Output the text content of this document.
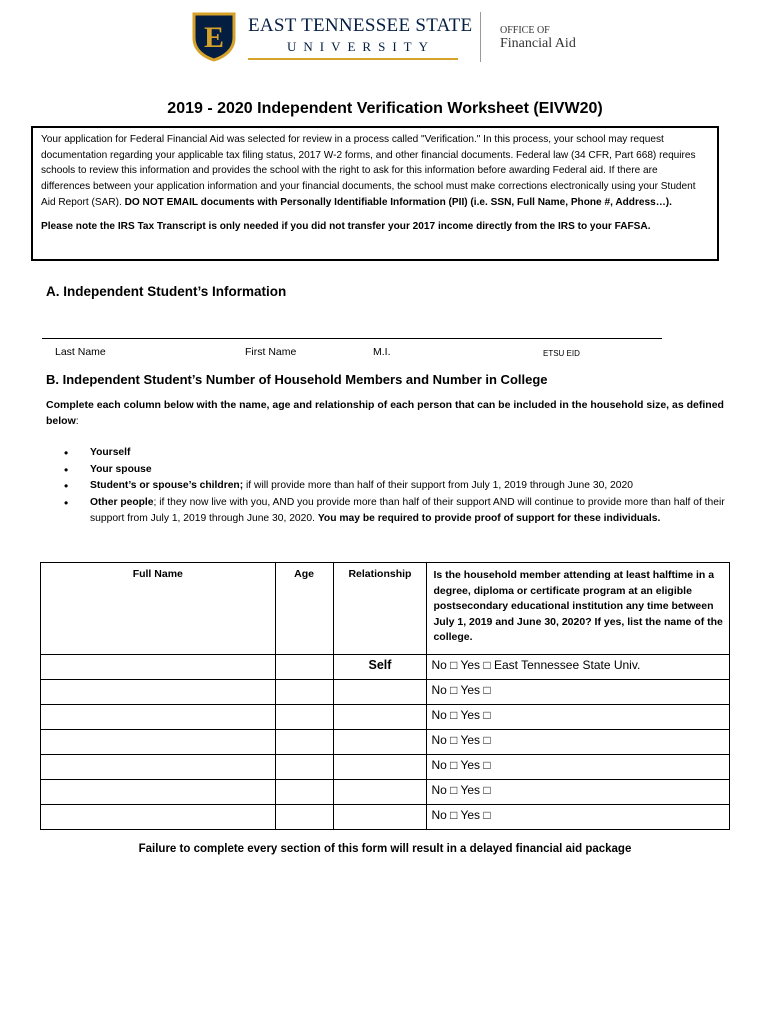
E EAST TENNESSEE STATE
UNIVERSITY
OFFICE OF
Financial Aid
2019 - 2020 Independent Verification Worksheet (EIVW20)

Your application for Federal Financial Aid was selected for review in a process called "Verification." In this process, your school may request documentation regarding your applicable tax filing status, 2017 W-2 forms, and other financial documents. Federal law (34 CFR, Part 668) requires schools to review this information and provides the school with the right to ask for this information before awarding Federal aid. If there are differences between your application information and your financial documents, the school must make corrections electronically using your Student Aid Report (SAR). DO NOT EMAIL documents with Personally Identifiable Information (PII) (i.e. SSN, Full Name, Phone #, Address…).

Please note the IRS Tax Transcript is only needed if you did not transfer your 2017 income directly from the IRS to your FAFSA.

A. Independent Student’s Information
Last Name	First Name	M.I.	ETSU EID
B. Independent Student’s Number of Household Members and Number in College
Complete each column below with the name, age and relationship of each person that can be included in the household size, as defined below:
• Yourself
• Your spouse
• Student’s or spouse’s children; if will provide more than half of their support from July 1, 2019 through June 30, 2020
• Other people; if they now live with you, AND you provide more than half of their support AND will continue to provide more than half of their support from July 1, 2019 through June 30, 2020. You may be required to provide proof of support for these individuals.
Full Name	Age	Relationship	Is the household member attending at least halftime in a degree, diploma or certificate program at an eligible postsecondary educational institution any time between July 1, 2019 and June 30, 2020? If yes, list the name of the college.
		Self	No □ Yes □ East Tennessee State Univ.
			No □ Yes □
			No □ Yes □
			No □ Yes □
			No □ Yes □
			No □ Yes □
			No □ Yes □
Failure to complete every section of this form will result in a delayed financial aid package
